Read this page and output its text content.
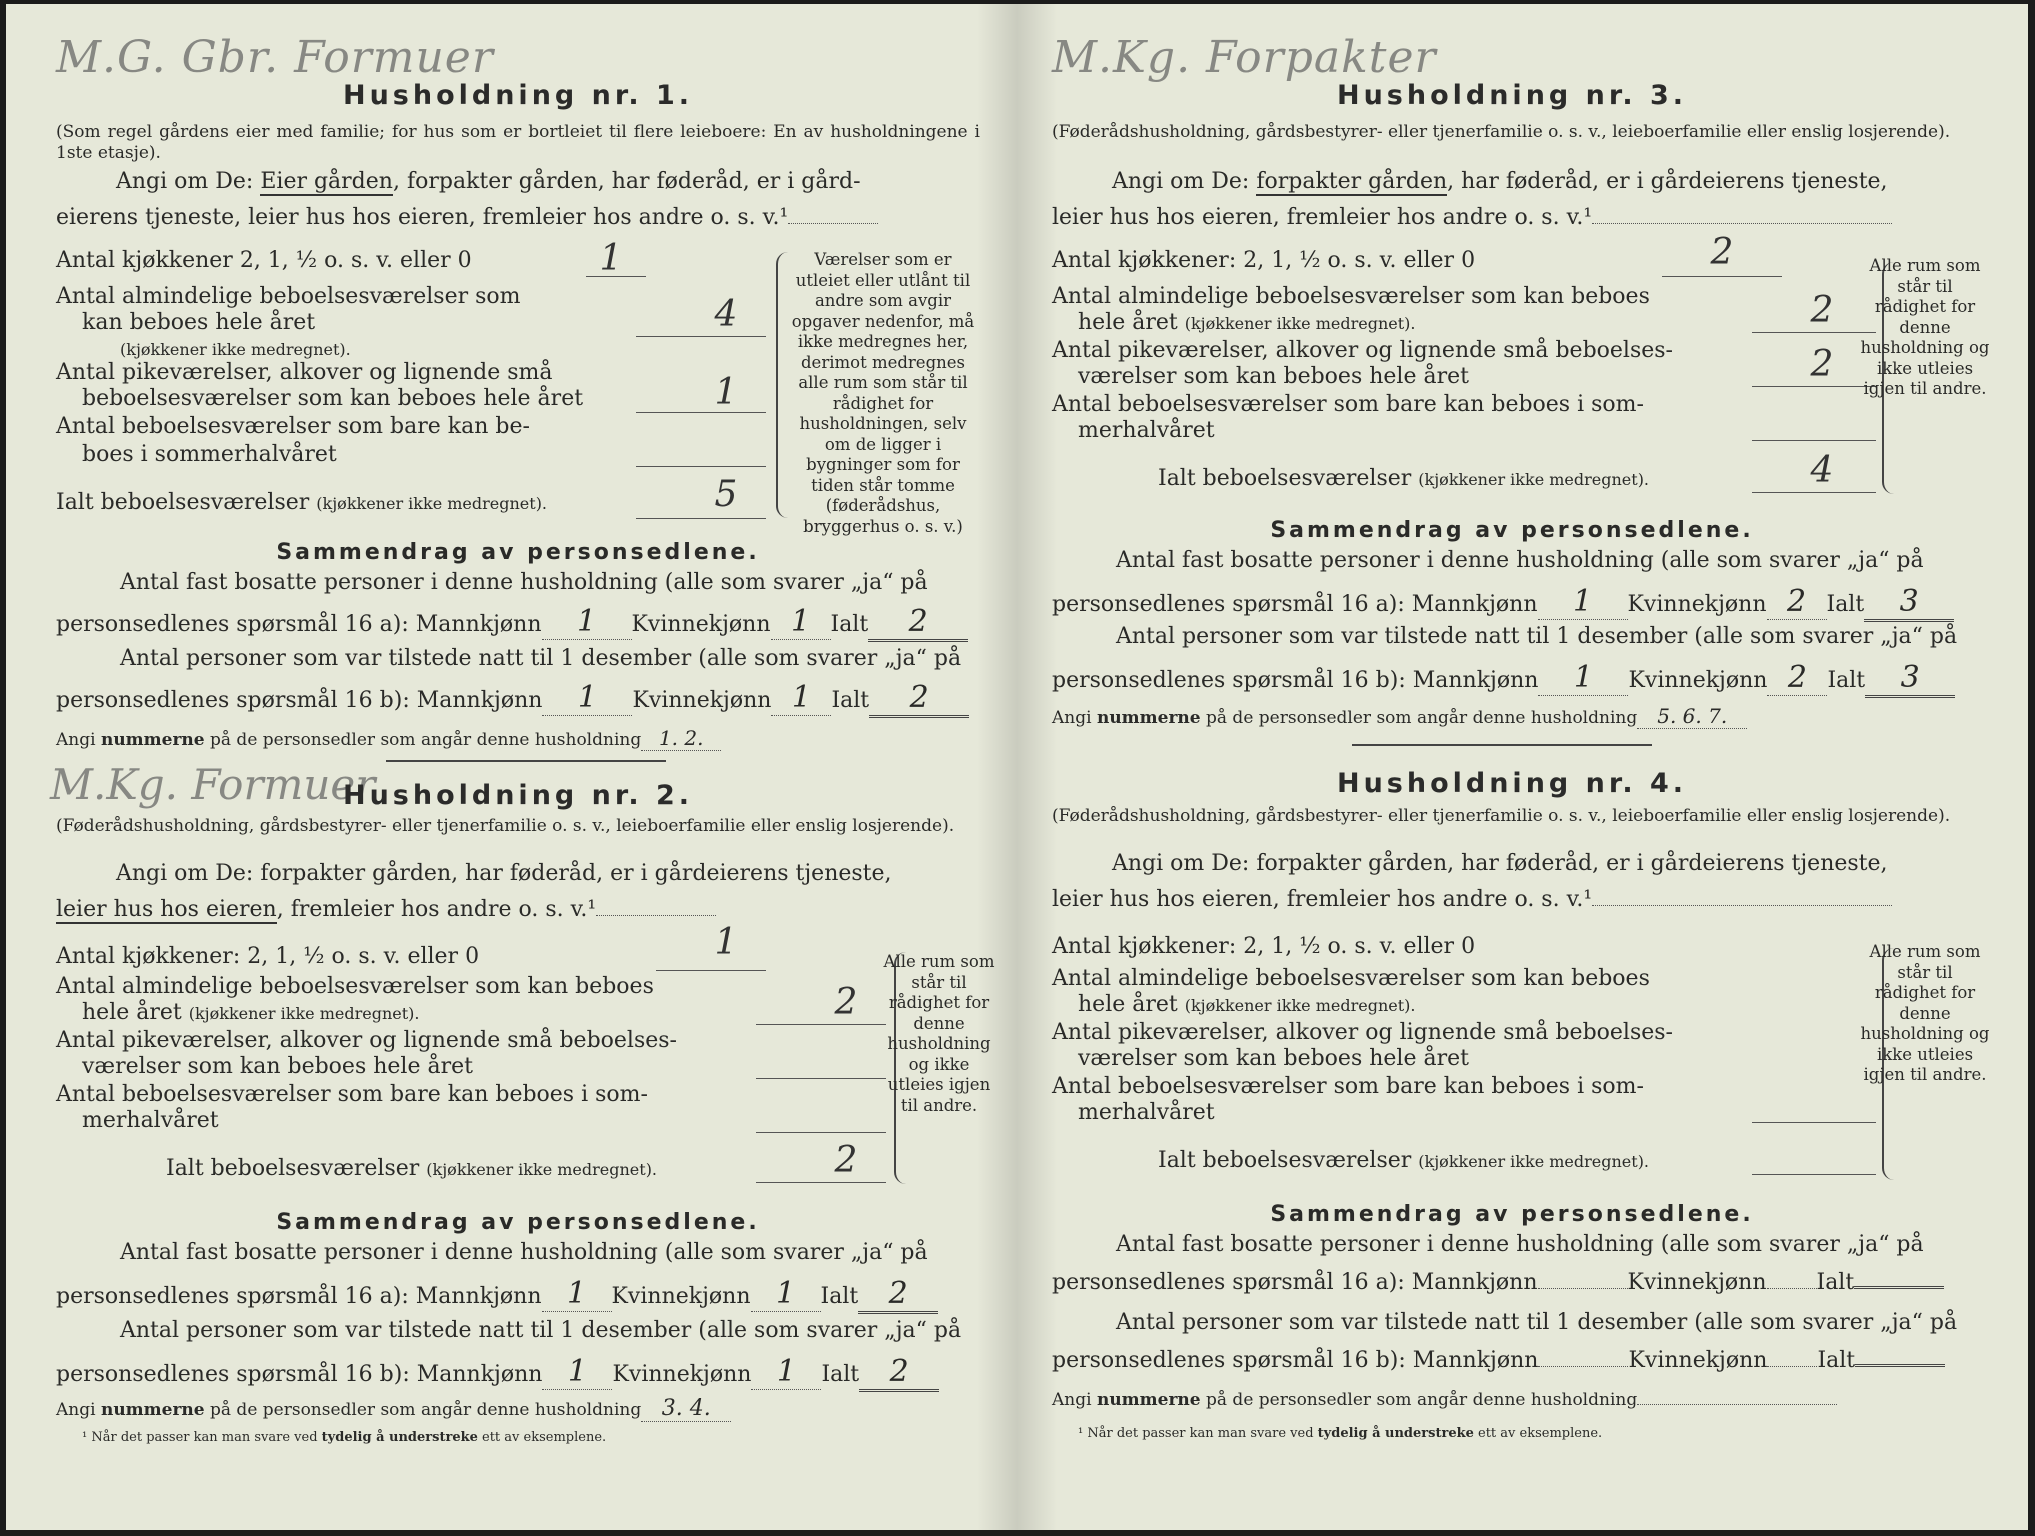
M.G. Gbr. Formuer
Husholdning nr. 1.
(Som regel gårdens eier med familie; for hus som er bortleiet til flere leieboere: En av husholdningene i 1ste etasje).
Angi om De: Eier gården, forpakter gården, har føderåd, er i gård-
eierens tjeneste, leier hus hos eieren, fremleier hos andre o. s. v.¹
Antal kjøkkener 2, 1, ½ o. s. v. eller 0
Antal almindelige beboelsesværelser som
kan beboes hele året
(kjøkkener ikke medregnet).
Antal pikeværelser, alkover og lignende små
beboelsesværelser som kan beboes hele året
Antal beboelsesværelser som bare kan be-
boes i sommerhalvåret
Ialt beboelsesværelser (kjøkkener ikke medregnet).
1
4
1
5
Værelser som er utleiet eller utlånt til andre som avgir opgaver nedenfor, må ikke medregnes her, derimot medregnes alle rum som står til rådighet for husholdningen, selv om de ligger i bygninger som for tiden står tomme (føderådshus, bryggerhus o. s. v.)
Sammendrag av personsedlene.
Antal fast bosatte personer i denne husholdning (alle som svarer „ja“ på
personsedlenes spørsmål 16 a): Mannkjønn 1 Kvinnekjønn 1 Ialt 2
Antal personer som var tilstede natt til 1 desember (alle som svarer „ja“ på
personsedlenes spørsmål 16 b): Mannkjønn 1 Kvinnekjønn 1 Ialt 2
Angi nummerne på de personsedler som angår denne husholdning 1. 2.
M.Kg. Formuer
Husholdning nr. 2.
(Føderådshusholdning, gårdsbestyrer- eller tjenerfamilie o. s. v., leieboerfamilie eller enslig losjerende).
Angi om De: forpakter gården, har føderåd, er i gårdeierens tjeneste,
leier hus hos eieren, fremleier hos andre o. s. v.¹
Antal kjøkkener: 2, 1, ½ o. s. v. eller 0
Antal almindelige beboelsesværelser som kan beboes
hele året (kjøkkener ikke medregnet).
Antal pikeværelser, alkover og lignende små beboelses-
værelser som kan beboes hele året
Antal beboelsesværelser som bare kan beboes i som-
merhalvåret
Ialt beboelsesværelser (kjøkkener ikke medregnet).
1
2
2
Alle rum som står til rådighet for denne husholdning og ikke utleies igjen til andre.
Sammendrag av personsedlene.
Antal fast bosatte personer i denne husholdning (alle som svarer „ja“ på
personsedlenes spørsmål 16 a): Mannkjønn 1 Kvinnekjønn 1 Ialt 2
Antal personer som var tilstede natt til 1 desember (alle som svarer „ja“ på
personsedlenes spørsmål 16 b): Mannkjønn 1 Kvinnekjønn 1 Ialt 2
Angi nummerne på de personsedler som angår denne husholdning 3. 4.
¹ Når det passer kan man svare ved tydelig å understreke ett av eksemplene.
M.Kg. Forpakter
Husholdning nr. 3.
(Føderådshusholdning, gårdsbestyrer- eller tjenerfamilie o. s. v., leieboerfamilie eller enslig losjerende).
Angi om De: forpakter gården, har føderåd, er i gårdeierens tjeneste,
leier hus hos eieren, fremleier hos andre o. s. v.¹
Antal kjøkkener: 2, 1, ½ o. s. v. eller 0
Antal almindelige beboelsesværelser som kan beboes
hele året (kjøkkener ikke medregnet).
Antal pikeværelser, alkover og lignende små beboelses-
værelser som kan beboes hele året
Antal beboelsesværelser som bare kan beboes i som-
merhalvåret
Ialt beboelsesværelser (kjøkkener ikke medregnet).
2
2
2
4
Alle rum som står til rådighet for denne husholdning og ikke utleies igjen til andre.
Sammendrag av personsedlene.
Antal fast bosatte personer i denne husholdning (alle som svarer „ja“ på
personsedlenes spørsmål 16 a): Mannkjønn 1 Kvinnekjønn 2 Ialt 3
Antal personer som var tilstede natt til 1 desember (alle som svarer „ja“ på
personsedlenes spørsmål 16 b): Mannkjønn 1 Kvinnekjønn 2 Ialt 3
Angi nummerne på de personsedler som angår denne husholdning 5. 6. 7.
Husholdning nr. 4.
(Føderådshusholdning, gårdsbestyrer- eller tjenerfamilie o. s. v., leieboerfamilie eller enslig losjerende).
Angi om De: forpakter gården, har føderåd, er i gårdeierens tjeneste,
leier hus hos eieren, fremleier hos andre o. s. v.¹
Antal kjøkkener: 2, 1, ½ o. s. v. eller 0
Antal almindelige beboelsesværelser som kan beboes
hele året (kjøkkener ikke medregnet).
Antal pikeværelser, alkover og lignende små beboelses-
værelser som kan beboes hele året
Antal beboelsesværelser som bare kan beboes i som-
merhalvåret
Ialt beboelsesværelser (kjøkkener ikke medregnet).
Alle rum som står til rådighet for denne husholdning og ikke utleies igjen til andre.
Sammendrag av personsedlene.
Antal fast bosatte personer i denne husholdning (alle som svarer „ja“ på
personsedlenes spørsmål 16 a): Mannkjønn	Kvinnekjønn Ialt
Antal personer som var tilstede natt til 1 desember (alle som svarer „ja“ på
personsedlenes spørsmål 16 b): Mannkjønn	Kvinnekjønn Ialt
Angi nummerne på de personsedler som angår denne husholdning
¹ Når det passer kan man svare ved tydelig å understreke ett av eksemplene.
